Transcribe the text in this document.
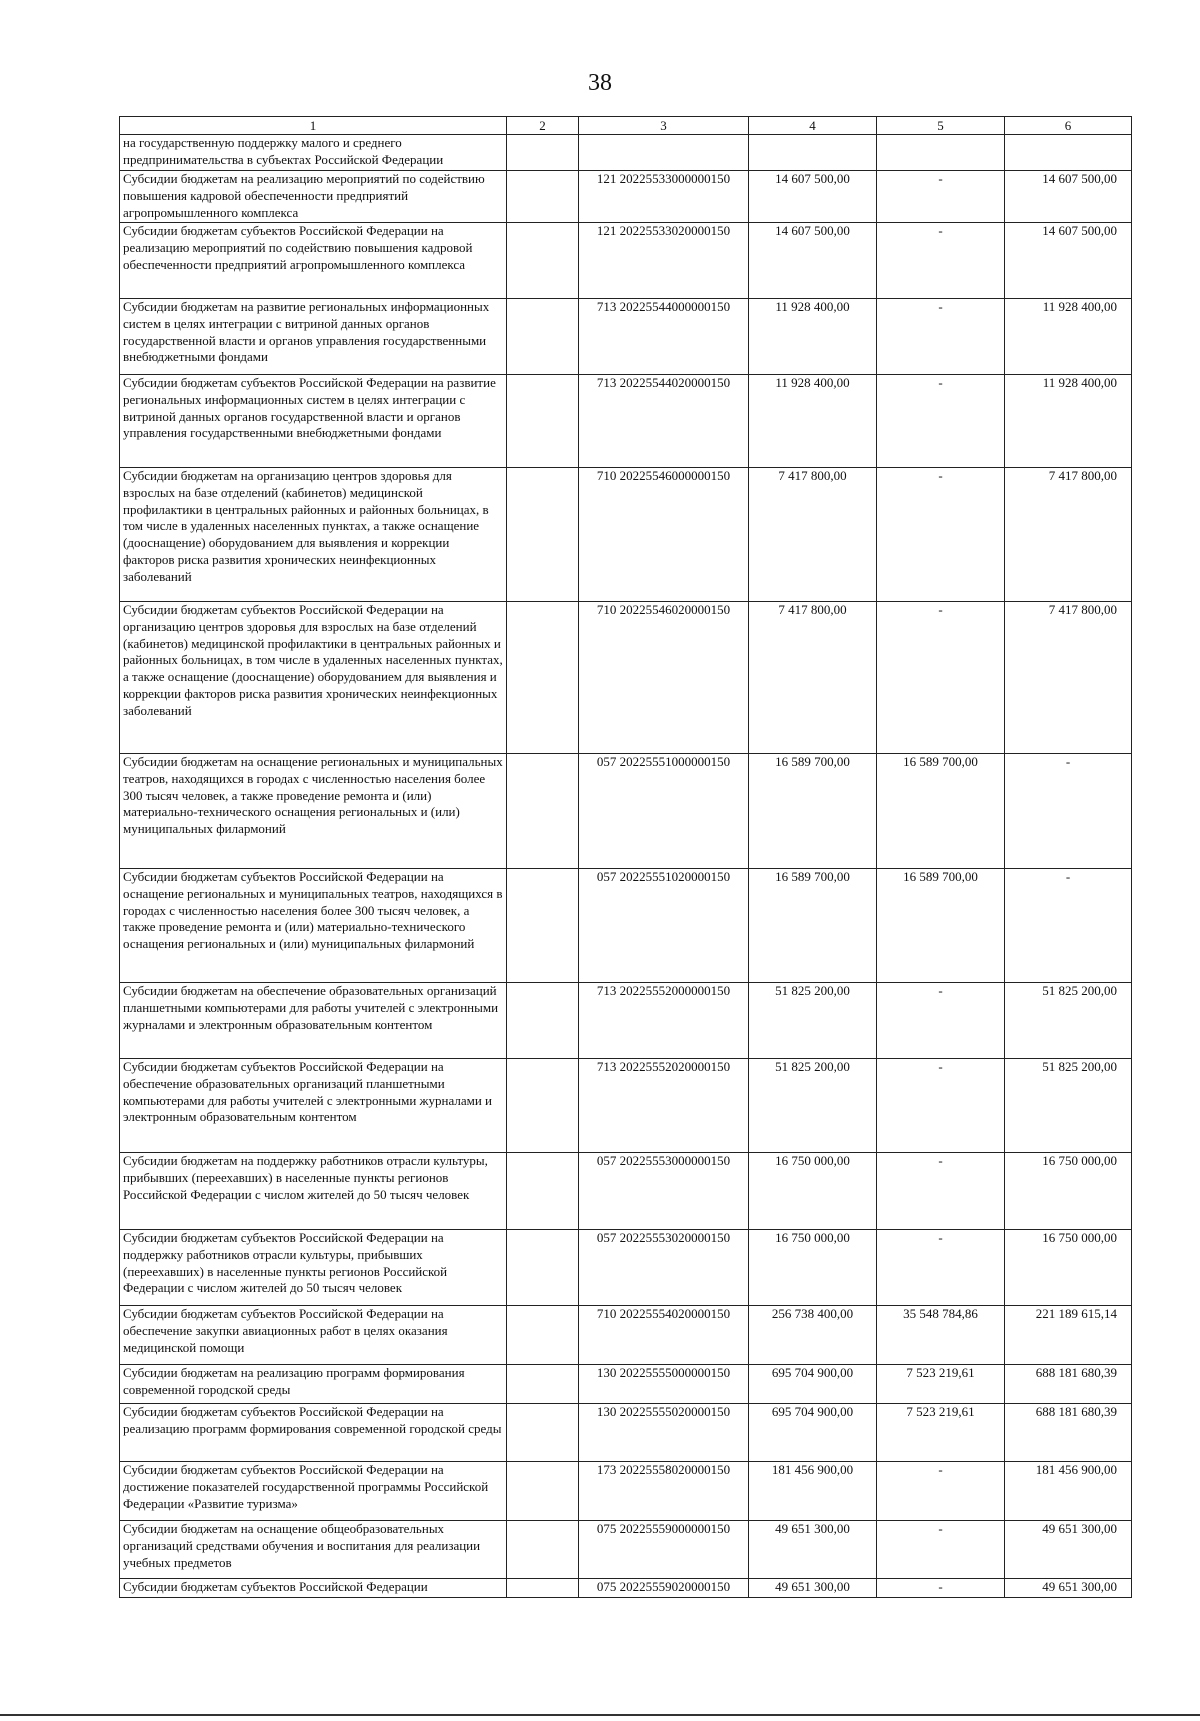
38
1	2	3	4	5	6
на государственную поддержку малого и среднего предпринимательства в субъектах Российской Федерации					
Субсидии бюджетам на реализацию мероприятий по содействию повышения кадровой обеспеченности предприятий агропромышленного комплекса		121 20225533000000150	14 607 500,00	-	14 607 500,00
Субсидии бюджетам субъектов Российской Федерации на реализацию мероприятий по содействию повышения кадровой обеспеченности предприятий агропромышленного комплекса		121 20225533020000150	14 607 500,00	-	14 607 500,00
Субсидии бюджетам на развитие региональных информационных систем в целях интеграции с витриной данных органов государственной власти и органов управления государственными внебюджетными фондами		713 20225544000000150	11 928 400,00	-	11 928 400,00
Субсидии бюджетам субъектов Российской Федерации на развитие региональных информационных систем в целях интеграции с витриной данных органов государственной власти и органов управления государственными внебюджетными фондами		713 20225544020000150	11 928 400,00	-	11 928 400,00
Субсидии бюджетам на организацию центров здоровья для взрослых на базе отделений (кабинетов) медицинской профилактики в центральных районных и районных больницах, в том числе в удаленных населенных пунктах, а также оснащение (дооснащение) оборудованием для выявления и коррекции факторов риска развития хронических неинфекционных заболеваний		710 20225546000000150	7 417 800,00	-	7 417 800,00
Субсидии бюджетам субъектов Российской Федерации на организацию центров здоровья для взрослых на базе отделений (кабинетов) медицинской профилактики в центральных районных и районных больницах, в том числе в удаленных населенных пунктах, а также оснащение (дооснащение) оборудованием для выявления и коррекции факторов риска развития хронических неинфекционных заболеваний		710 20225546020000150	7 417 800,00	-	7 417 800,00
Субсидии бюджетам на оснащение региональных и муниципальных театров, находящихся в городах с численностью населения более 300 тысяч человек, а также проведение ремонта и (или) материально-технического оснащения региональных и (или) муниципальных филармоний		057 20225551000000150	16 589 700,00	16 589 700,00	-
Субсидии бюджетам субъектов Российской Федерации на оснащение региональных и муниципальных театров, находящихся в городах с численностью населения более 300 тысяч человек, а также проведение ремонта и (или) материально-технического оснащения региональных и (или) муниципальных филармоний		057 20225551020000150	16 589 700,00	16 589 700,00	-
Субсидии бюджетам на обеспечение образовательных организаций планшетными компьютерами для работы учителей с электронными журналами и электронным образовательным контентом		713 20225552000000150	51 825 200,00	-	51 825 200,00
Субсидии бюджетам субъектов Российской Федерации на обеспечение образовательных организаций планшетными компьютерами для работы учителей с электронными журналами и электронным образовательным контентом		713 20225552020000150	51 825 200,00	-	51 825 200,00
Субсидии бюджетам на поддержку работников отрасли культуры, прибывших (переехавших) в населенные пункты регионов Российской Федерации с числом жителей до 50 тысяч человек		057 20225553000000150	16 750 000,00	-	16 750 000,00
Субсидии бюджетам субъектов Российской Федерации на поддержку работников отрасли культуры, прибывших (переехавших) в населенные пункты регионов Российской Федерации с числом жителей до 50 тысяч человек		057 20225553020000150	16 750 000,00	-	16 750 000,00
Субсидии бюджетам субъектов Российской Федерации на обеспечение закупки авиационных работ в целях оказания медицинской помощи		710 20225554020000150	256 738 400,00	35 548 784,86	221 189 615,14
Субсидии бюджетам на реализацию программ формирования современной городской среды		130 20225555000000150	695 704 900,00	7 523 219,61	688 181 680,39
Субсидии бюджетам субъектов Российской Федерации на реализацию программ формирования современной городской среды		130 20225555020000150	695 704 900,00	7 523 219,61	688 181 680,39
Субсидии бюджетам субъектов Российской Федерации на достижение показателей государственной программы Российской Федерации «Развитие туризма»		173 20225558020000150	181 456 900,00	-	181 456 900,00
Субсидии бюджетам на оснащение общеобразовательных организаций средствами обучения и воспитания для реализации учебных предметов		075 20225559000000150	49 651 300,00	-	49 651 300,00
Субсидии бюджетам субъектов Российской Федерации		075 20225559020000150	49 651 300,00	-	49 651 300,00
